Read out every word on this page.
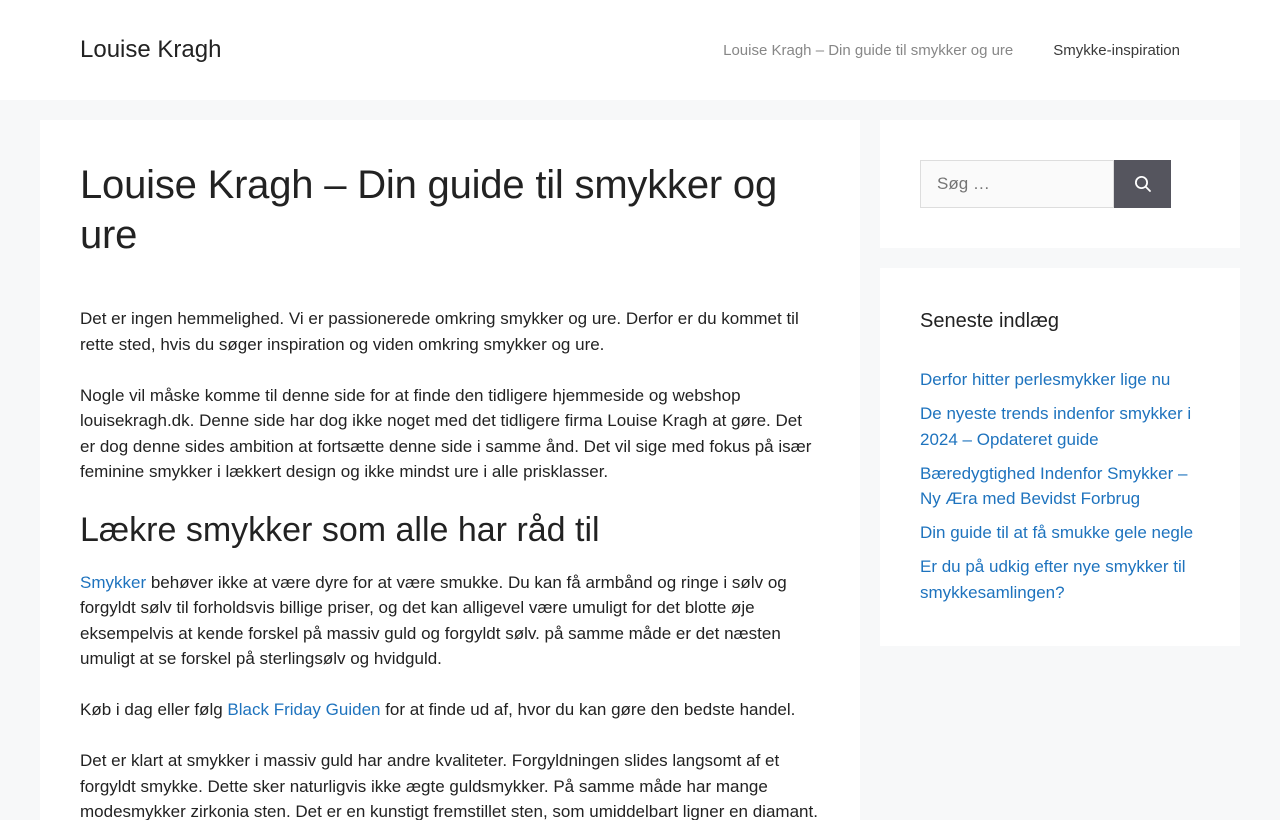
Louise Kragh	Louise Kragh – Din guide til smykker og ure	Smykke-inspiration
Louise Kragh – Din guide til smykker og ure

Det er ingen hemmelighed. Vi er passionerede omkring smykker og ure. Derfor er du kommet til rette sted, hvis du søger inspiration og viden omkring smykker og ure.

Nogle vil måske komme til denne side for at finde den tidligere hjemmeside og webshop louisekragh.dk. Denne side har dog ikke noget med det tidligere firma Louise Kragh at gøre. Det er dog denne sides ambition at fortsætte denne side i samme ånd. Det vil sige med fokus på især feminine smykker i lækkert design og ikke mindst ure i alle prisklasser.

Lækre smykker som alle har råd til

Smykker behøver ikke at være dyre for at være smukke. Du kan få armbånd og ringe i sølv og forgyldt sølv til forholdsvis billige priser, og det kan alligevel være umuligt for det blotte øje eksempelvis at kende forskel på massiv guld og forgyldt sølv. på samme måde er det næsten umuligt at se forskel på sterlingsølv og hvidguld.

Køb i dag eller følg Black Friday Guiden for at finde ud af, hvor du kan gøre den bedste handel.

Det er klart at smykker i massiv guld har andre kvaliteter. Forgyldningen slides langsomt af et forgyldt smykke. Dette sker naturligvis ikke ægte guldsmykker. På samme måde har mange modesmykker zirkonia sten. Det er en kunstigt fremstillet sten, som umiddelbart ligner en diamant.

Søg …
Seneste indlæg
Derfor hitter perlesmykker lige nu
De nyeste trends indenfor smykker i 2024 – Opdateret guide
Bæredygtighed Indenfor Smykker – Ny Æra med Bevidst Forbrug
Din guide til at få smukke gele negle
Er du på udkig efter nye smykker til smykkesamlingen?
